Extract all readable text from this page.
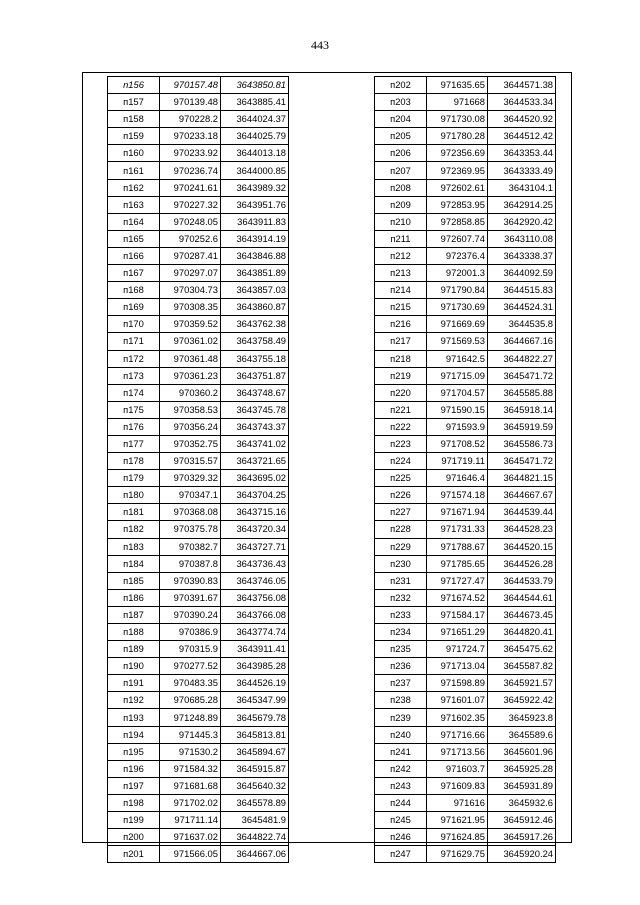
443
n156	970157.48	3643850.81
п157	970139.48	3643885.41
п158	970228.2	3644024.37
п159	970233.18	3644025.79
п160	970233.92	3644013.18
п161	970236.74	3644000.85
п162	970241.61	3643989.32
п163	970227.32	3643951.76
п164	970248.05	3643911.83
п165	970252.6	3643914.19
п166	970287.41	3643846.88
п167	970297.07	3643851.89
п168	970304.73	3643857.03
п169	970308.35	3643860.87
п170	970359.52	3643762.38
п171	970361.02	3643758.49
п172	970361.48	3643755.18
п173	970361.23	3643751.87
п174	970360.2	3643748.67
п175	970358.53	3643745.78
п176	970356.24	3643743.37
п177	970352.75	3643741.02
п178	970315.57	3643721.65
п179	970329.32	3643695.02
п180	970347.1	3643704.25
п181	970368.08	3643715.16
п182	970375.78	3643720.34
п183	970382.7	3643727.71
п184	970387.8	3643736.43
п185	970390.83	3643746.05
п186	970391.67	3643756.08
п187	970390.24	3643766.08
п188	970386.9	3643774.74
п189	970315.9	3643911.41
п190	970277.52	3643985.28
п191	970483.35	3644526.19
п192	970685.28	3645347.99
п193	971248.89	3645679.78
п194	971445.3	3645813.81
п195	971530.2	3645894.67
п196	971584.32	3645915.87
п197	971681.68	3645640.32
п198	971702.02	3645578.89
п199	971711.14	3645481.9
п200	971637.02	3644822.74
п201	971566.05	3644667.06
п202	971635.65	3644571.38
п203	971668	3644533.34
п204	971730.08	3644520.92
п205	971780.28	3644512.42
п206	972356.69	3643353.44
п207	972369.95	3643333.49
п208	972602.61	3643104.1
п209	972853.95	3642914.25
п210	972858.85	3642920.42
п211	972607.74	3643110.08
п212	972376.4	3643338.37
п213	972001.3	3644092.59
п214	971790.84	3644515.83
п215	971730.69	3644524.31
п216	971669.69	3644535.8
п217	971569.53	3644667.16
п218	971642.5	3644822.27
п219	971715.09	3645471.72
п220	971704.57	3645585.88
п221	971590.15	3645918.14
п222	971593.9	3645919.59
п223	971708.52	3645586.73
п224	971719.11	3645471.72
п225	971646.4	3644821.15
п226	971574.18	3644667.67
п227	971671.94	3644539.44
п228	971731.33	3644528.23
п229	971788.67	3644520.15
п230	971785.65	3644526.28
п231	971727.47	3644533.79
п232	971674.52	3644544.61
п233	971584.17	3644673.45
п234	971651.29	3644820.41
п235	971724.7	3645475.62
п236	971713.04	3645587.82
п237	971598.89	3645921.57
п238	971601.07	3645922.42
п239	971602.35	3645923.8
п240	971716.66	3645589.6
п241	971713.56	3645601.96
п242	971603.7	3645925.28
п243	971609.83	3645931.89
п244	971616	3645932.6
п245	971621.95	3645912.46
п246	971624.85	3645917.26
п247	971629.75	3645920.24
